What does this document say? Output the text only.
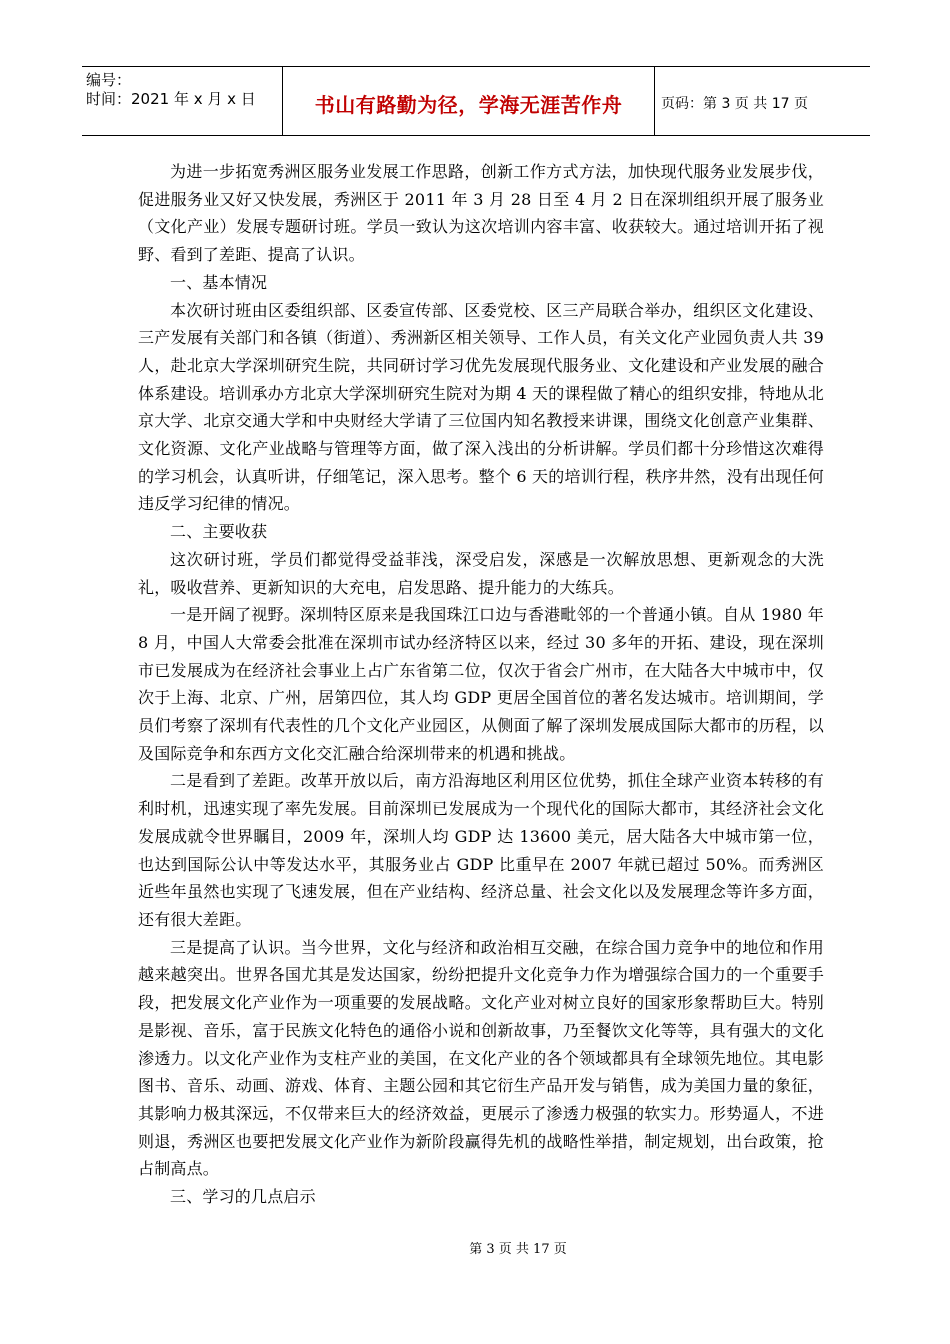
编号：
时间：2021 年 x 月 x 日	书山有路勤为径，学海无涯苦作舟	页码：第 3 页 共 17 页

为进一步拓宽秀洲区服务业发展工作思路，创新工作方式方法，加快现代服务业发展步伐，促进服务业又好又快发展，秀洲区于 2011 年 3 月 28 日至 4 月 2 日在深圳组织开展了服务业（文化产业）发展专题研讨班。学员一致认为这次培训内容丰富、收获较大。通过培训开拓了视野、看到了差距、提高了认识。

一、基本情况

本次研讨班由区委组织部、区委宣传部、区委党校、区三产局联合举办，组织区文化建设、三产发展有关部门和各镇（街道）、秀洲新区相关领导、工作人员，有关文化产业园负责人共 39 人，赴北京大学深圳研究生院，共同研讨学习优先发展现代服务业、文化建设和产业发展的融合体系建设。培训承办方北京大学深圳研究生院对为期 4 天的课程做了精心的组织安排，特地从北京大学、北京交通大学和中央财经大学请了三位国内知名教授来讲课，围绕文化创意产业集群、文化资源、文化产业战略与管理等方面，做了深入浅出的分析讲解。学员们都十分珍惜这次难得的学习机会，认真听讲，仔细笔记，深入思考。整个 6 天的培训行程，秩序井然，没有出现任何违反学习纪律的情况。

二、主要收获

这次研讨班，学员们都觉得受益菲浅，深受启发，深感是一次解放思想、更新观念的大洗礼，吸收营养、更新知识的大充电，启发思路、提升能力的大练兵。

一是开阔了视野。深圳特区原来是我国珠江口边与香港毗邻的一个普通小镇。自从 1980 年 8 月，中国人大常委会批准在深圳市试办经济特区以来，经过 30 多年的开拓、建设，现在深圳市已发展成为在经济社会事业上占广东省第二位，仅次于省会广州市，在大陆各大中城市中，仅次于上海、北京、广州，居第四位，其人均 GDP 更居全国首位的著名发达城市。培训期间，学员们考察了深圳有代表性的几个文化产业园区，从侧面了解了深圳发展成国际大都市的历程，以及国际竞争和东西方文化交汇融合给深圳带来的机遇和挑战。

二是看到了差距。改革开放以后，南方沿海地区利用区位优势，抓住全球产业资本转移的有利时机，迅速实现了率先发展。目前深圳已发展成为一个现代化的国际大都市，其经济社会文化发展成就令世界瞩目，2009 年，深圳人均 GDP 达 13600 美元，居大陆各大中城市第一位，也达到国际公认中等发达水平，其服务业占 GDP 比重早在 2007 年就已超过 50%。而秀洲区近些年虽然也实现了飞速发展，但在产业结构、经济总量、社会文化以及发展理念等许多方面，还有很大差距。

三是提高了认识。当今世界，文化与经济和政治相互交融，在综合国力竞争中的地位和作用越来越突出。世界各国尤其是发达国家，纷纷把提升文化竞争力作为增强综合国力的一个重要手段，把发展文化产业作为一项重要的发展战略。文化产业对树立良好的国家形象帮助巨大。特别是影视、音乐，富于民族文化特色的通俗小说和创新故事，乃至餐饮文化等等，具有强大的文化渗透力。以文化产业作为支柱产业的美国，在文化产业的各个领域都具有全球领先地位。其电影图书、音乐、动画、游戏、体育、主题公园和其它衍生产品开发与销售，成为美国力量的象征，其影响力极其深远，不仅带来巨大的经济效益，更展示了渗透力极强的软实力。形势逼人，不进则退，秀洲区也要把发展文化产业作为新阶段赢得先机的战略性举措，制定规划，出台政策，抢占制高点。

三、学习的几点启示

第 3 页 共 17 页
